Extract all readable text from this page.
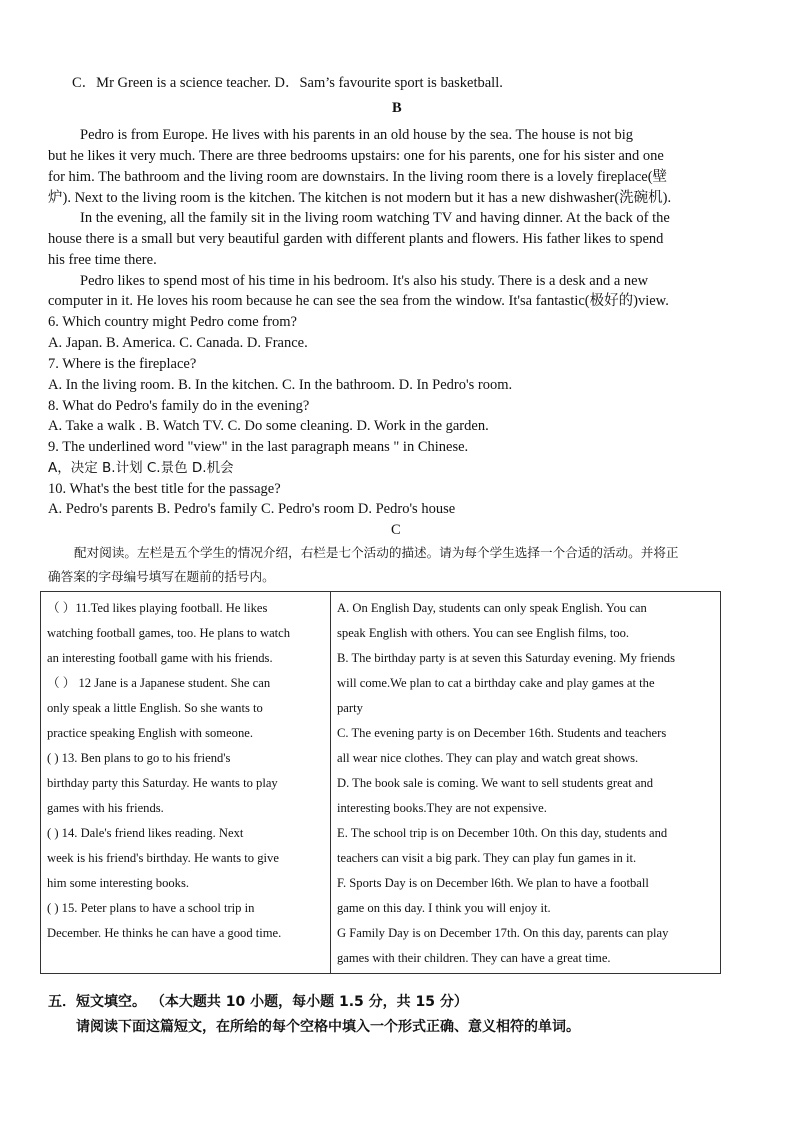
C．Mr Green is a science teacher. D．Sam’s favourite sport is basketball.
B
Pedro is from Europe. He lives with his parents in an old house by the sea. The house is not big
but he likes it very much. There are three bedrooms upstairs: one for his parents, one for his sister and one
for him. The bathroom and the living room are downstairs. In the living room there is a lovely fireplace(壁
炉). Next to the living room is the kitchen. The kitchen is not modern but it has a new dishwasher(洗碗机).
In the evening, all the family sit in the living room watching TV and having dinner. At the back of the
house there is a small but very beautiful garden with different plants and flowers. His father likes to spend
his free time there.
Pedro likes to spend most of his time in his bedroom. It's also his study. There is a desk and a new
computer in it. He loves his room because he can see the sea from the window. It'sa fantastic(极好的)view.
6. Which country might Pedro come from?
A. Japan. B. America. C. Canada. D. France.
7. Where is the fireplace?
A. In the living room. B. In the kitchen. C. In the bathroom. D. In Pedro's room.
8. What do Pedro's family do in the evening?
A. Take a walk . B. Watch TV. C. Do some cleaning. D. Work in the garden.
9. The underlined word "view" in the last paragraph means " in Chinese.
A，决定 B.计划 C.景色 D.机会
10. What's the best title for the passage?
A. Pedro's parents B. Pedro's family C. Pedro's room D. Pedro's house
C
配对阅读。左栏是五个学生的情况介绍，右栏是七个活动的描述。请为每个学生选择一个合适的活动。并将正
确答案的字母编号填写在题前的括号内。
（ ）11.Ted likes playing football. He likes
watching football games, too. He plans to watch
an interesting football game with his friends.
（ ） 12 Jane is a Japanese student. She can
only speak a little English. So she wants to
practice speaking English with someone.
( ) 13. Ben plans to go to his friend's
birthday party this Saturday. He wants to play
games with his friends.
( ) 14. Dale's friend likes reading. Next
week is his friend's birthday. He wants to give
him some interesting books.
( ) 15. Peter plans to have a school trip in
December. He thinks he can have a good time.

A. On English Day, students can only speak English. You can
speak English with others. You can see English films, too.
B. The birthday party is at seven this Saturday evening. My friends
will come.We plan to cat a birthday cake and play games at the
party
C. The evening party is on December 16th. Students and teachers
all wear nice clothes. They can play and watch great shows.
D. The book sale is coming. We want to sell students great and
interesting books.They are not expensive.
E. The school trip is on December 10th. On this day, students and
teachers can visit a big park. They can play fun games in it.
F. Sports Day is on December l6th. We plan to have a football
game on this day. I think you will enjoy it.
G Family Day is on December 17th. On this day, parents can play
games with their children. They can have a great time.
五．短文填空。 （本大题共 10 小题，每小题 1.5 分，共 15 分）
请阅读下面这篇短文，在所给的每个空格中填入一个形式正确、意义相符的单词。
